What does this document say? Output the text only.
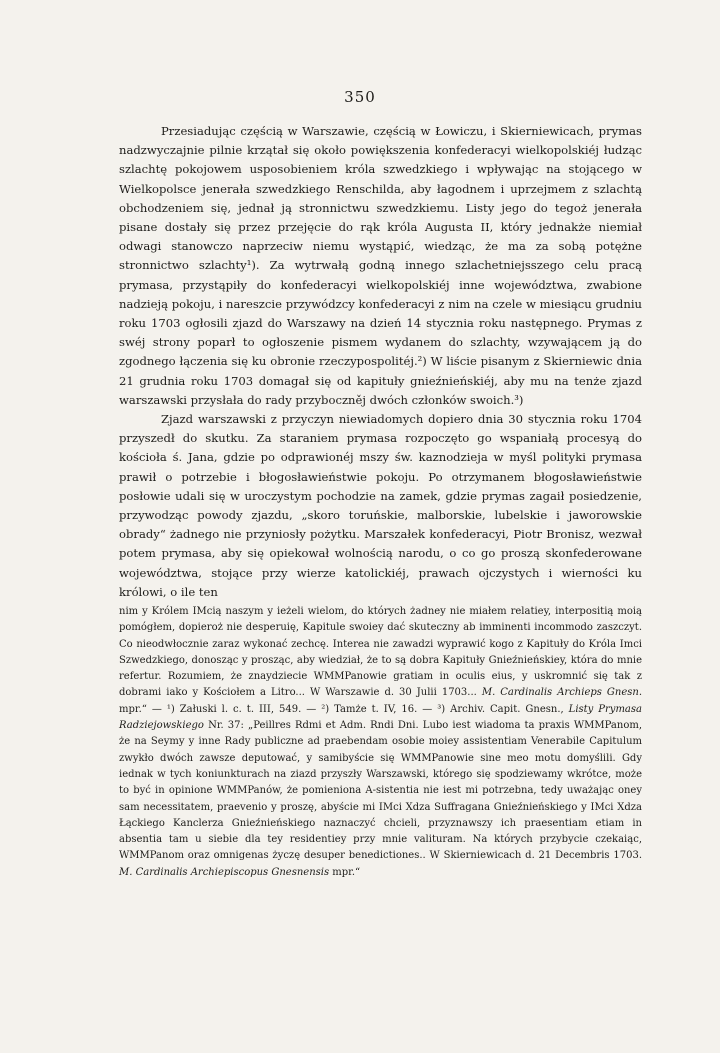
350

Przesiadując częścią w Warszawie, częścią w Łowiczu, i Skierniewicach, prymas nadzwyczajnie pilnie krzątał się około powiększenia konfederacyi wielkopolskiéj łudząc szlachtę pokojowem usposobieniem króla szwedzkiego i wpływając na stojącego w Wielkopolsce jenerała szwedzkiego Renschilda, aby łagodnem i uprzejmem z szlachtą obchodzeniem się, jednał ją stronnictwu szwedzkiemu. Listy jego do tegoż jenerała pisane dostały się przez przejęcie do rąk króla Augusta II, który jednakże niemiał odwagi stanowczo naprzeciw niemu wystąpić, wiedząc, że ma za sobą potężne stronnictwo szlachty¹). Za wytrwałą godną innego szlachetniejsszego celu pracą prymasa, przystąpiły do konfederacyi wielkopolskiéj inne województwa, zwabione nadzieją pokoju, i nareszcie przywódzcy konfederacyi z nim na czele w miesiącu grudniu roku 1703 ogłosili zjazd do Warszawy na dzień 14 stycznia roku następnego. Prymas z swéj strony poparł to ogłoszenie pismem wydanem do szlachty, wzywającem ją do zgodnego łączenia się ku obronie rzeczypospolitéj.²) W liście pisanym z Skierniewic dnia 21 grudnia roku 1703 domagał się od kapituły gnieźnieńskiéj, aby mu na tenże zjazd warszawski przysłała do rady przyboczněj dwóch członków swoich.³)

Zjazd warszawski z przyczyn niewiadomych dopiero dnia 30 stycznia roku 1704 przyszedł do skutku. Za staraniem prymasa rozpoczęto go wspaniałą procesyą do kościoła ś. Jana, gdzie po odprawionéj mszy św. kaznodzieja w myśl polityki prymasa prawił o potrzebie i błogosławieństwie pokoju. Po otrzymanem błogosławieństwie posłowie udali się w uroczystym pochodzie na zamek, gdzie prymas zagaił posiedzenie, przywodząc powody zjazdu, „skoro toruńskie, malborskie, lubelskie i jaworowskie obrady“ żadnego nie przyniosły pożytku. Marszałek konfederacyi, Piotr Bronisz, wezwał potem prymasa, aby się opiekował wolnością narodu, o co go proszą skonfederowane województwa, stojące przy wierze katolickiéj, prawach ojczystych i wierności ku królowi, o ile ten

nim y Królem IMcią naszym y ieżeli wielom, do których żadney nie miałem relatiey, interpositią moią pomógłem, dopieroż nie desperuię, Kapitule swoiey dać skuteczny ab imminenti incommodo zaszczyt. Co nieodwłocznie zaraz wykonać zechcę. Interea nie zawadzi wyprawić kogo z Kapituły do Króla Imci Szwedzkiego, donosząc y prosząc, aby wiedział, że to są dobra Kapituły Gnieźnieńskiey, która do mnie refertur. Rozumiem, że znaydziecie WMMPanowie gratiam in oculis eius, y uskromnić się tak z dobrami iako y Kościołem a Litro... W Warszawie d. 30 Julii 1703... M. Cardinalis Archieps Gnesn. mpr.“ — ¹) Załuski l. c. t. III, 549. — ²) Tamże t. IV, 16. — ³) Archiv. Capit. Gnesn., Listy Prymasa Radziejowskiego Nr. 37: „Peillres Rdmi et Adm. Rndi Dni. Lubo iest wiadoma ta praxis WMMPanom, że na Seymy y inne Rady publiczne ad praebendam osobie moiey assistentiam Venerabile Capitulum zwykło dwóch zawsze deputować, y samibyście się WMMPanowie sine meo motu domyślili. Gdy iednak w tych koniunkturach na ziazd przyszły Warszawski, którego się spodziewamy wkrótce, może to być in opinione WMMPanów, że pomieniona A-sistentia nie iest mi potrzebna, tedy uważając oney sam necessitatem, praevenio y proszę, abyście mi IMci Xdza Suffragana Gnieźnieńskiego y IMci Xdza Łąckiego Kanclerza Gnieźnieńskiego naznaczyć chcieli, przyznawszy ich praesentiam etiam in absentia tam u siebie dla tey residentiey przy mnie valituram. Na których przybycie czekaiąc, WMMPanom oraz omnigenas życzę desuper benedictiones.. W Skierniewicach d. 21 Decembris 1703. M. Cardinalis Archiepiscopus Gnesnensis mpr.“
